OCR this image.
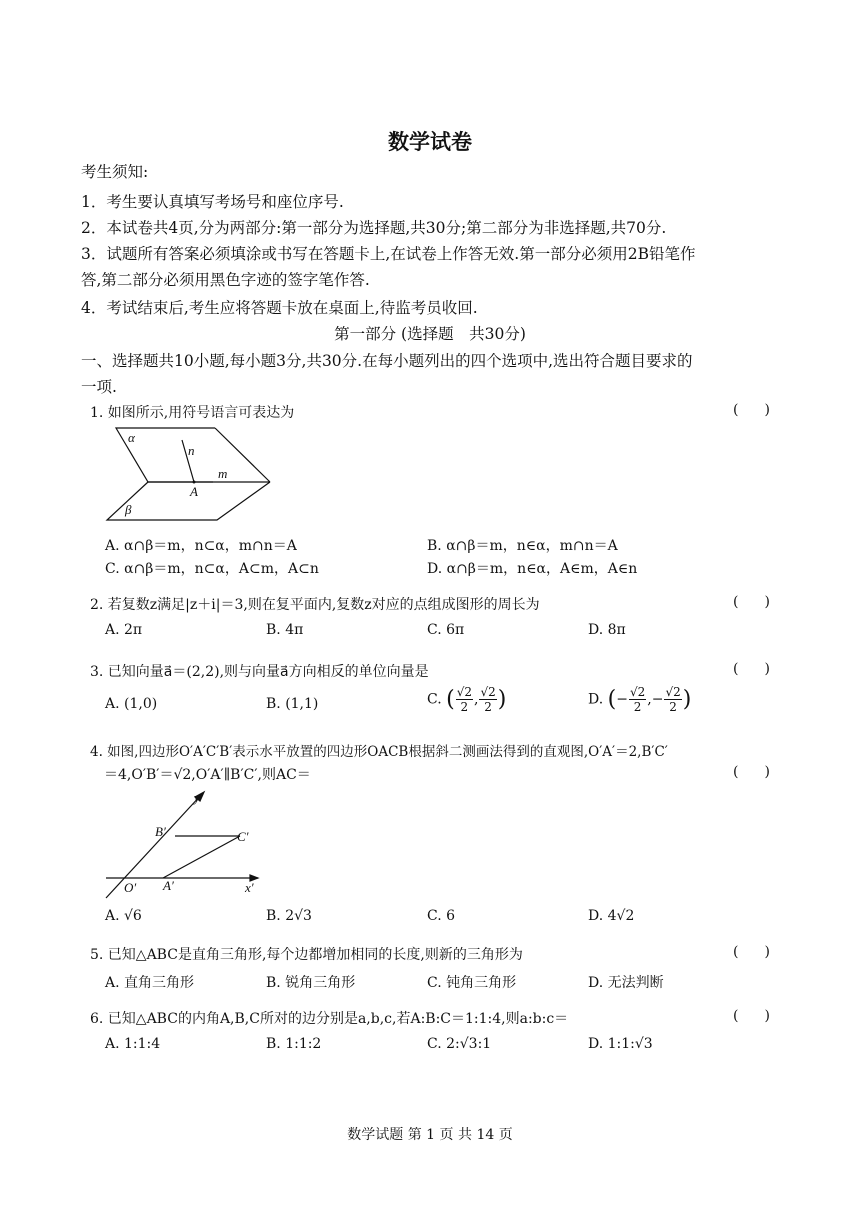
数学试卷
考生须知:
1．考生要认真填写考场号和座位序号.
2．本试卷共4页,分为两部分:第一部分为选择题,共30分;第二部分为非选择题,共70分.
3．试题所有答案必须填涂或书写在答题卡上,在试卷上作答无效.第一部分必须用2B铅笔作
答,第二部分必须用黑色字迹的签字笔作答.
4．考试结束后,考生应将答题卡放在桌面上,待监考员收回.
第一部分 (选择题　共30分)
一、选择题共10小题,每小题3分,共30分.在每小题列出的四个选项中,选出符合题目要求的
一项.
1. 如图所示,用符号语言可表达为	()
α
n
m
A
β
A. α∩β＝m，n⊂α，m∩n＝A	B. α∩β＝m，n∈α，m∩n＝A
C. α∩β＝m，n⊂α，A⊂m，A⊂n	D. α∩β＝m，n∈α，A∈m，A∈n
2. 若复数z满足|z＋i|＝3,则在复平面内,复数z对应的点组成图形的周长为	()
A. 2π	B. 4π	C. 6π	D. 8π
3. 已知向量a⃗＝(2,2),则与向量a⃗方向相反的单位向量是	()
A. (1,0)	B. (1,1)	C. ( $\frac{√2}{2}$ , $\frac{√2}{2}$ )	D. (− $\frac{√2}{2}$ ,− $\frac{√2}{2}$ )
4. 如图,四边形O′A′C′B′表示水平放置的四边形OACB根据斜二测画法得到的直观图,O′A′＝2,B′C′
＝4,O′B′＝√2,O′A′∥B′C′,则AC＝	()
y′
B′	C′
O′ A′	x′
A. √6	B. 2√3	C. 6	D. 4√2
5. 已知△ABC是直角三角形,每个边都增加相同的长度,则新的三角形为	()
A. 直角三角形	B. 锐角三角形	C. 钝角三角形	D. 无法判断
6. 已知△ABC的内角A,B,C所对的边分别是a,b,c,若A:B:C＝1:1:4,则a:b:c＝	()
A. 1:1:4	B. 1:1:2	C. 2:√3:1	D. 1:1:√3
数学试题 第 1 页 共 14 页
